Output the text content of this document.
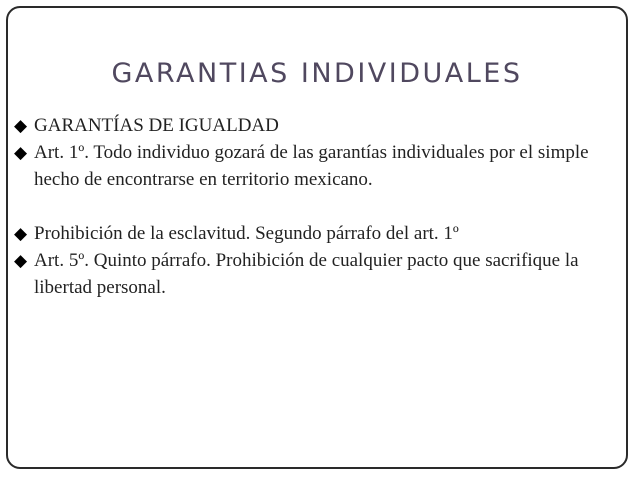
GARANTIAS INDIVIDUALES
◆ GARANTÍAS DE IGUALDAD
◆ Art. 1º. Todo individuo gozará de las garantías individuales por el simple hecho de encontrarse en territorio mexicano.
◆ Prohibición de la esclavitud. Segundo párrafo del art. 1º
◆ Art. 5º. Quinto párrafo. Prohibición de cualquier pacto que sacrifique la libertad personal.
